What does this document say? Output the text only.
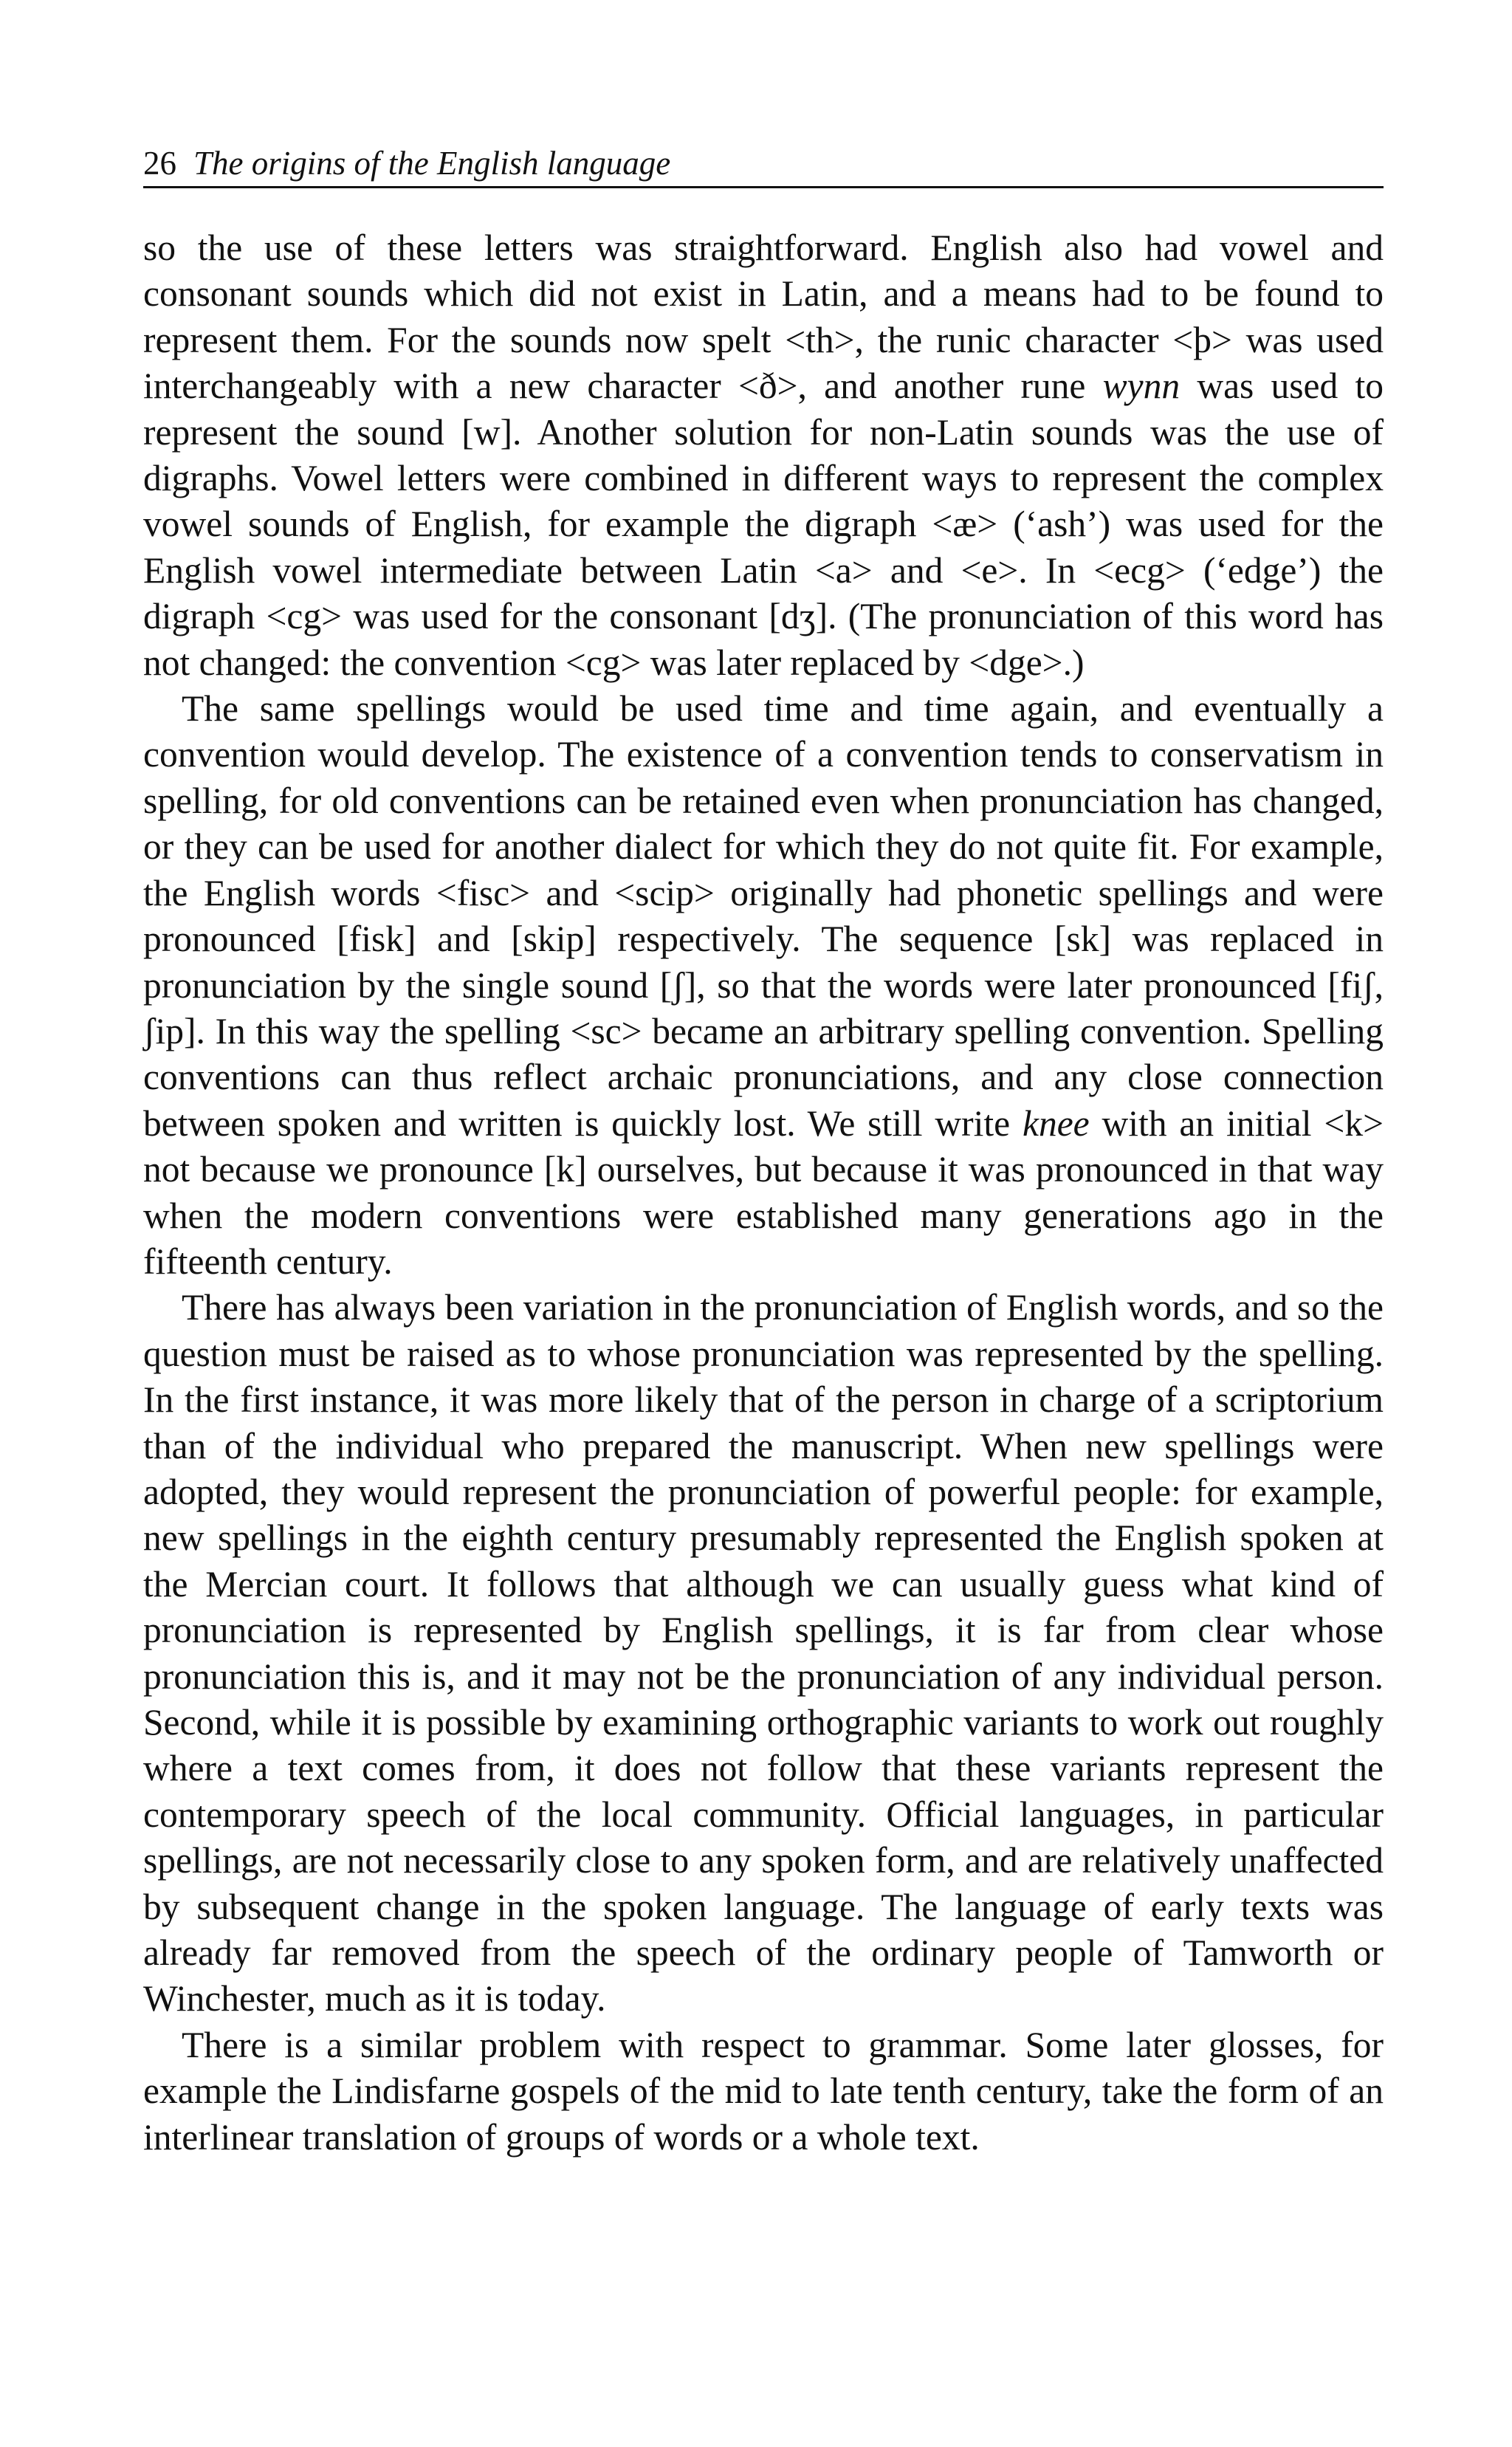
26 The origins of the English language

so the use of these letters was straightforward. English also had vowel and consonant sounds which did not exist in Latin, and a means had to be found to represent them. For the sounds now spelt <th>, the runic character <þ> was used interchangeably with a new character <ð>, and another rune wynn was used to represent the sound [w]. Another solution for non-Latin sounds was the use of digraphs. Vowel letters were combined in different ways to represent the complex vowel sounds of English, for example the digraph <æ> (‘ash’) was used for the English vowel intermediate between Latin <a> and <e>. In <ecg> (‘edge’) the digraph <cg> was used for the consonant [dʒ]. (The pronunciation of this word has not changed: the convention <cg> was later replaced by <dge>.)

The same spellings would be used time and time again, and eventually a convention would develop. The existence of a convention tends to conservatism in spelling, for old conventions can be retained even when pronunciation has changed, or they can be used for another dialect for which they do not quite fit. For example, the English words <fisc> and <scip> originally had phonetic spellings and were pronounced [fisk] and [skip] respectively. The sequence [sk] was replaced in pronunciation by the single sound [ʃ], so that the words were later pronounced [fiʃ, ʃip]. In this way the spelling <sc> became an arbitrary spelling convention. Spelling conventions can thus reflect archaic pronunciations, and any close connection between spoken and written is quickly lost. We still write knee with an initial <k> not because we pronounce [k] ourselves, but because it was pronounced in that way when the modern conventions were established many generations ago in the fifteenth century.

There has always been variation in the pronunciation of English words, and so the question must be raised as to whose pronunciation was represented by the spelling. In the first instance, it was more likely that of the person in charge of a scriptorium than of the individual who prepared the manuscript. When new spellings were adopted, they would represent the pronunciation of powerful people: for example, new spellings in the eighth century presumably represented the English spoken at the Mercian court. It follows that although we can usually guess what kind of pronunciation is represented by English spellings, it is far from clear whose pronunciation this is, and it may not be the pronunciation of any individual person. Second, while it is possible by examining orthographic variants to work out roughly where a text comes from, it does not follow that these variants represent the contemporary speech of the local community. Official languages, in particular spellings, are not necessarily close to any spoken form, and are relatively unaffected by subsequent change in the spoken language. The language of early texts was already far removed from the speech of the ordinary people of Tamworth or Winchester, much as it is today.

There is a similar problem with respect to grammar. Some later glosses, for example the Lindisfarne gospels of the mid to late tenth century, take the form of an interlinear translation of groups of words or a whole text.
